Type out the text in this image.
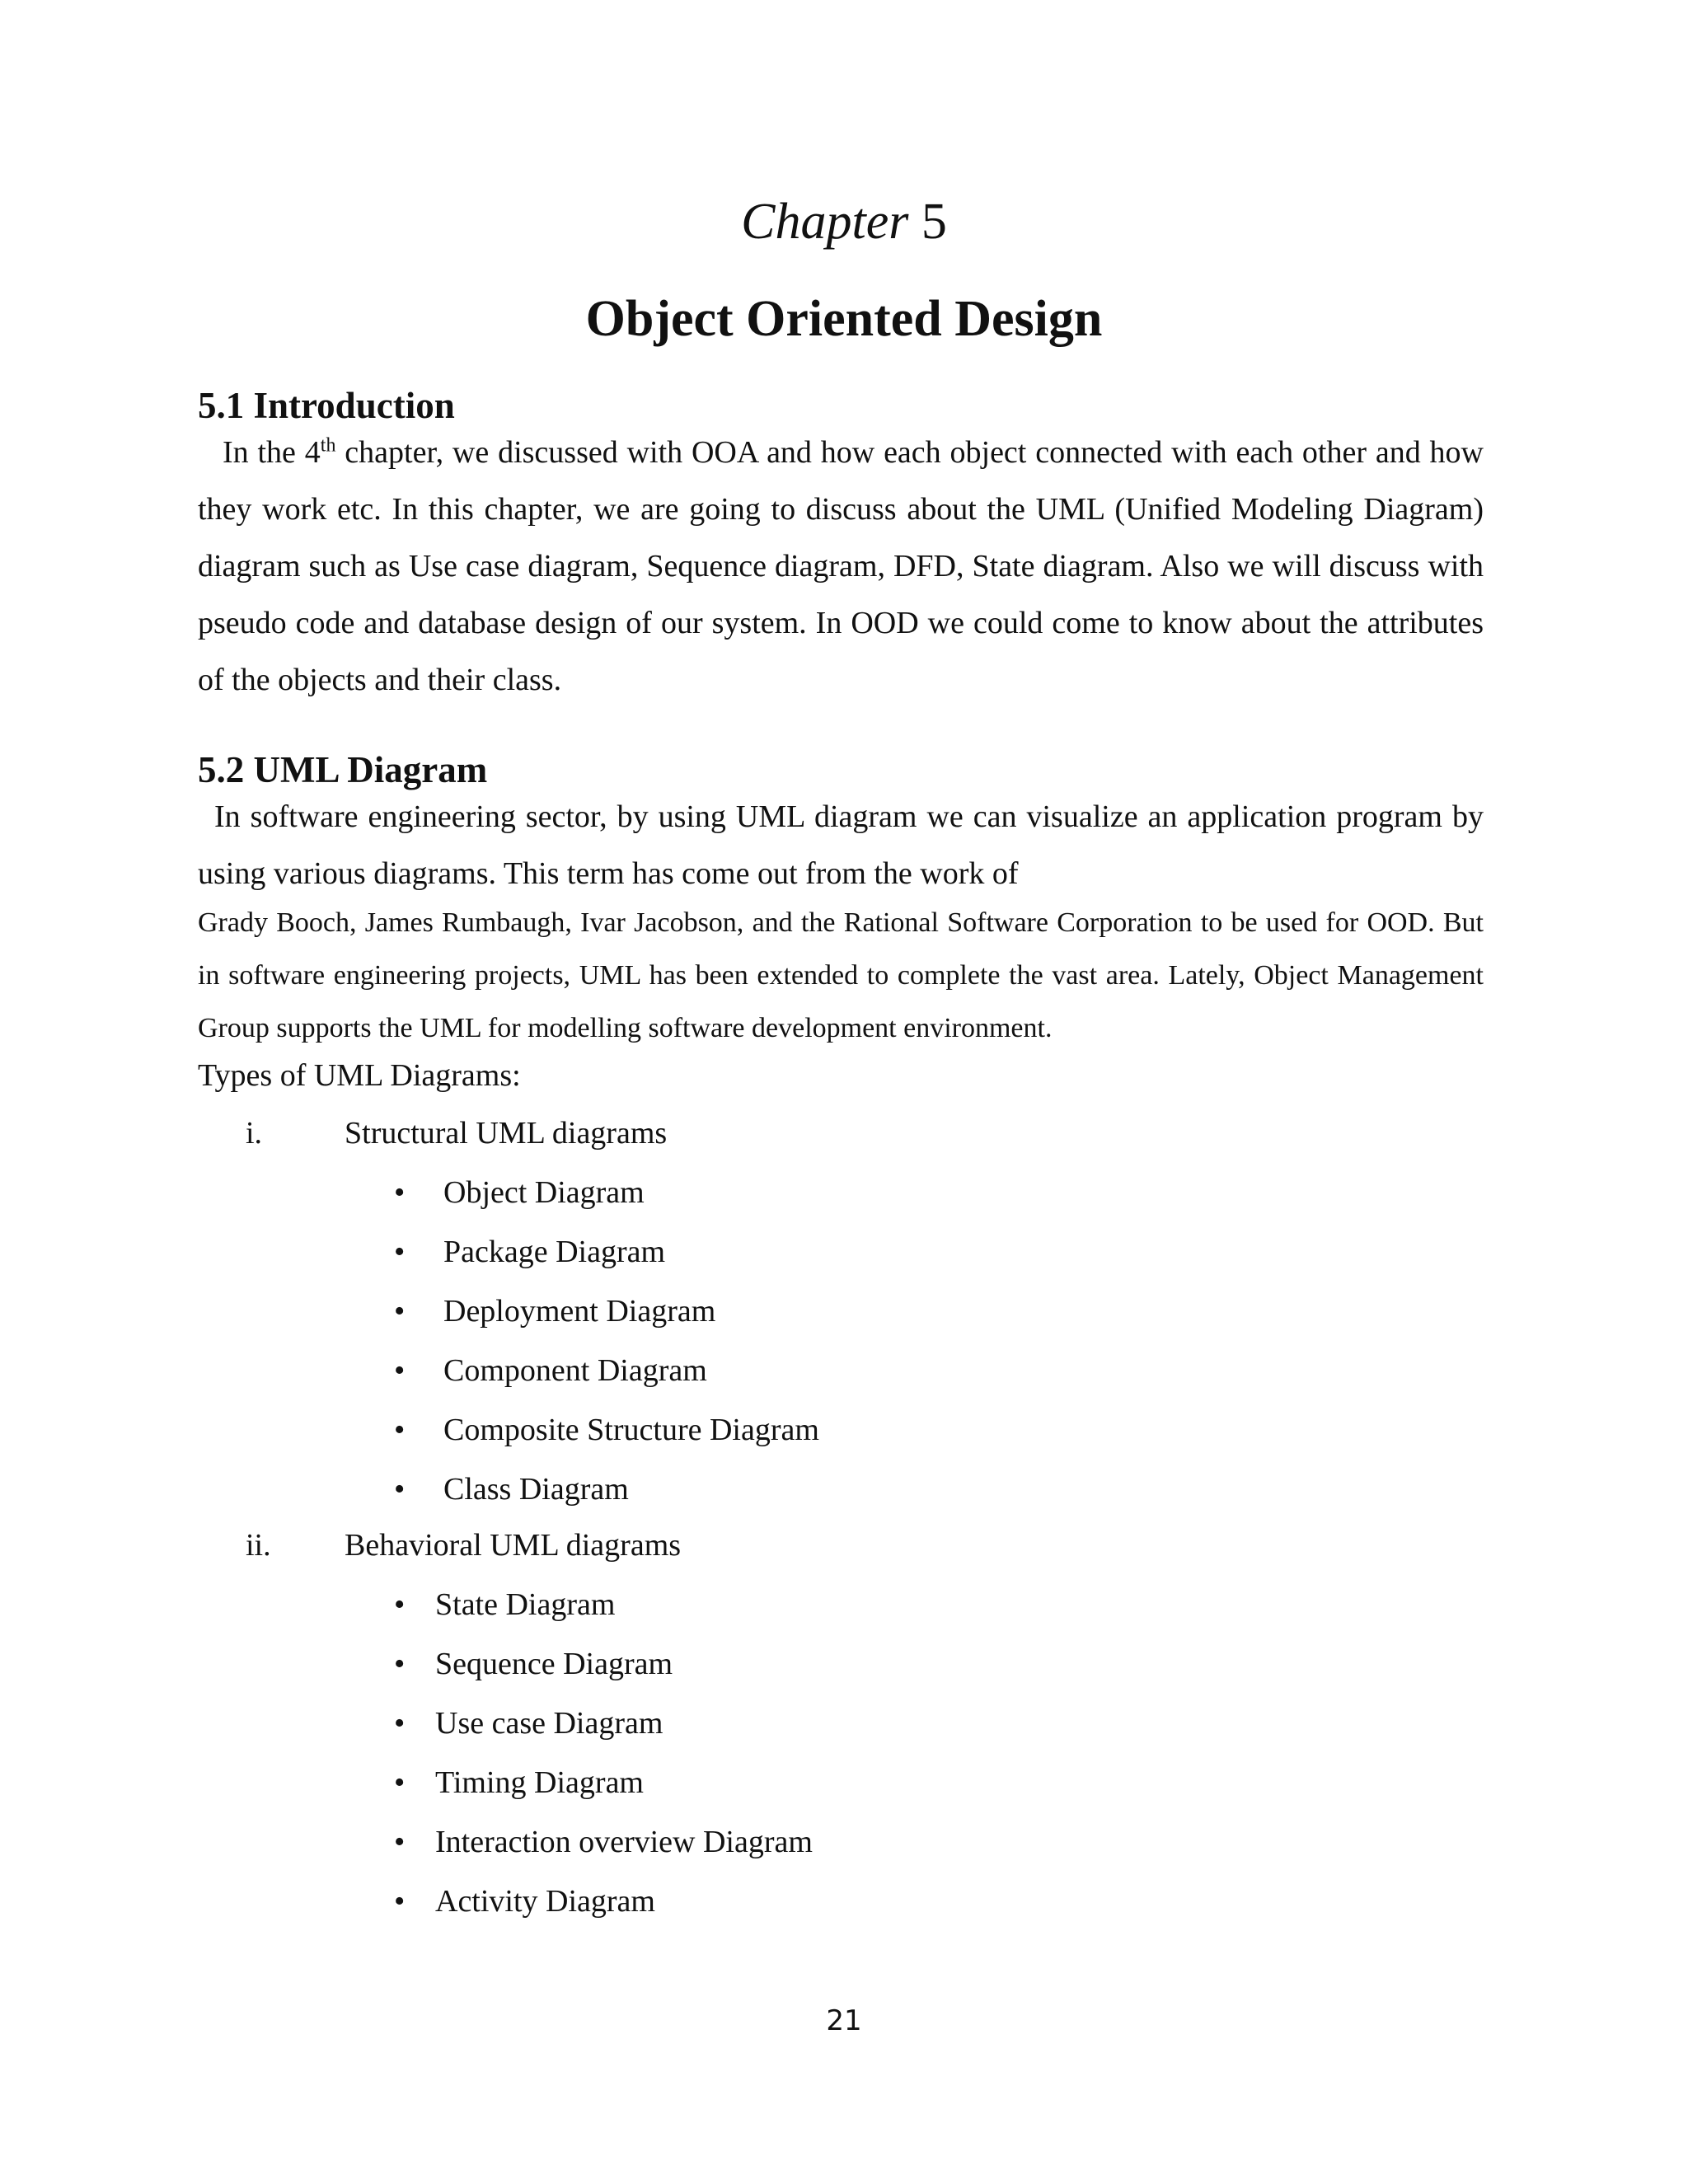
Chapter 5
Object Oriented Design
5.1 Introduction
In the 4th chapter, we discussed with OOA and how each object connected with each other and how they work etc. In this chapter, we are going to discuss about the UML (Unified Modeling Diagram) diagram such as Use case diagram, Sequence diagram, DFD, State diagram. Also we will discuss with pseudo code and database design of our system. In OOD we could come to know about the attributes of the objects and their class.
5.2 UML Diagram
In software engineering sector, by using UML diagram we can visualize an application program by using various diagrams. This term has come out from the work of
Grady Booch, James Rumbaugh, Ivar Jacobson, and the Rational Software Corporation to be used for OOD. But in software engineering projects, UML has been extended to complete the vast area. Lately, Object Management Group supports the UML for modelling software development environment.
Types of UML Diagrams:
i.	Structural UML diagrams
• Object Diagram
• Package Diagram
• Deployment Diagram
• Component Diagram
• Composite Structure Diagram
• Class Diagram
ii. Behavioral UML diagrams
• State Diagram
• Sequence Diagram
• Use case Diagram
• Timing Diagram
• Interaction overview Diagram
• Activity Diagram
21
